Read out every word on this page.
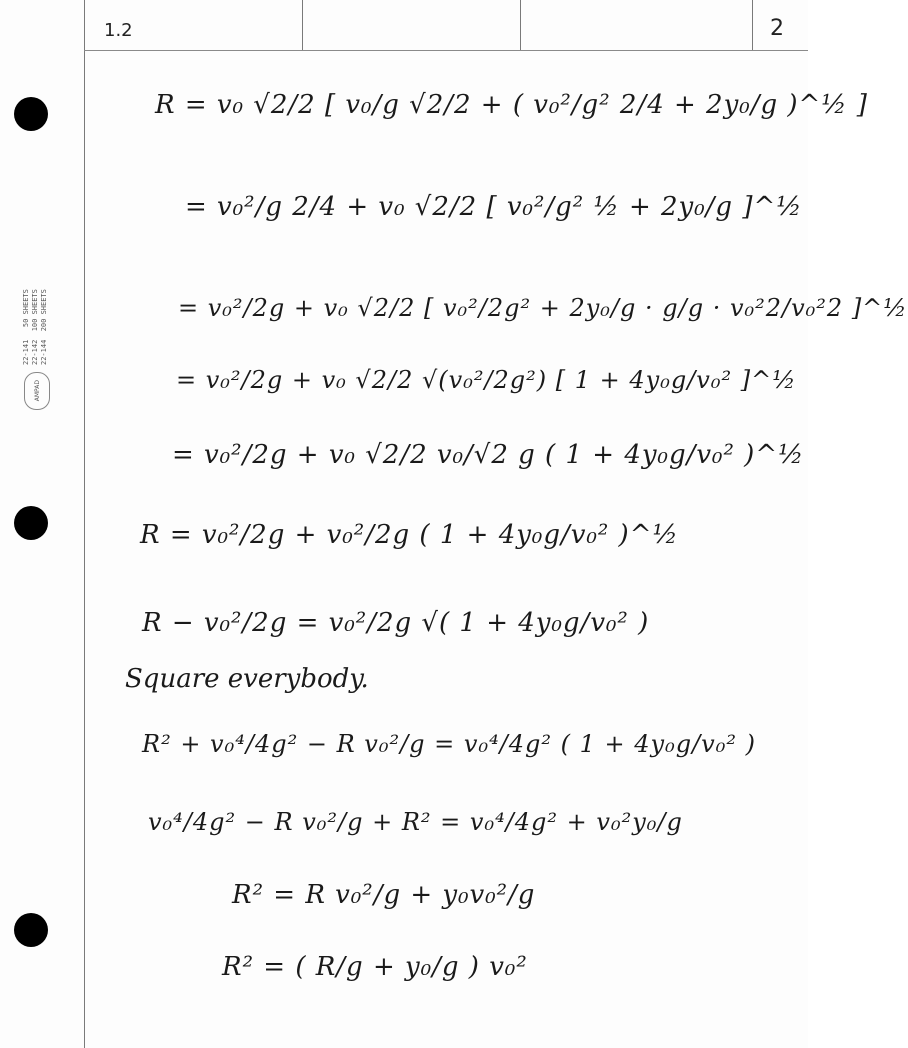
1.2	2
22-141   50 SHEETS
22-142  100 SHEETS
22-144  200 SHEETS
AMPAD
R = v₀ √2/2 [ v₀/g √2/2 + ( v₀²/g² 2/4 + 2y₀/g )^½ ]
= v₀²/g 2/4 + v₀ √2/2 [ v₀²/g² ½ + 2y₀/g ]^½
= v₀²/2g + v₀ √2/2 [ v₀²/2g² + 2y₀/g · g/g · v₀²2/v₀²2 ]^½
= v₀²/2g + v₀ √2/2 √(v₀²/2g²) [ 1 + 4y₀g/v₀² ]^½
= v₀²/2g + v₀ √2/2 v₀/√2 g ( 1 + 4y₀g/v₀² )^½
R = v₀²/2g + v₀²/2g ( 1 + 4y₀g/v₀² )^½
R − v₀²/2g = v₀²/2g √( 1 + 4y₀g/v₀² )
Square everybody.
R² + v₀⁴/4g² − R v₀²/g = v₀⁴/4g² ( 1 + 4y₀g/v₀² )
v₀⁴/4g² − R v₀²/g + R² = v₀⁴/4g² + v₀²y₀/g
R² = R v₀²/g + y₀v₀²/g
R² = ( R/g + y₀/g ) v₀²
